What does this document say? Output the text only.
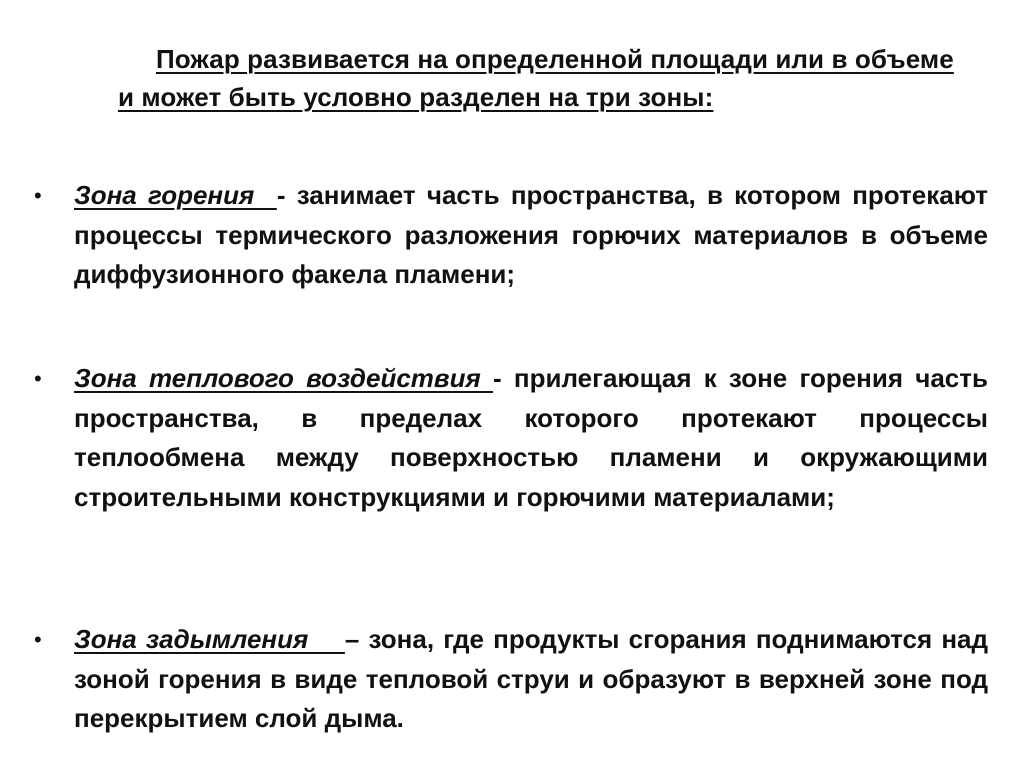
Пожар развивается на определенной площади или в объеме и может быть условно разделен на три зоны:

• Зона горения  - занимает часть пространства, в котором протекают процессы термического разложения горючих материалов в объеме диффузионного факела пламени;
• Зона теплового воздействия - прилегающая к зоне горения часть пространства, в пределах которого протекают процессы теплообмена между поверхностью пламени и окружающими строительными конструкциями и горючими материалами;
• Зона задымления    – зона, где продукты сгорания поднимаются над зоной горения в виде тепловой струи и образуют в верхней зоне под перекрытием слой дыма.
